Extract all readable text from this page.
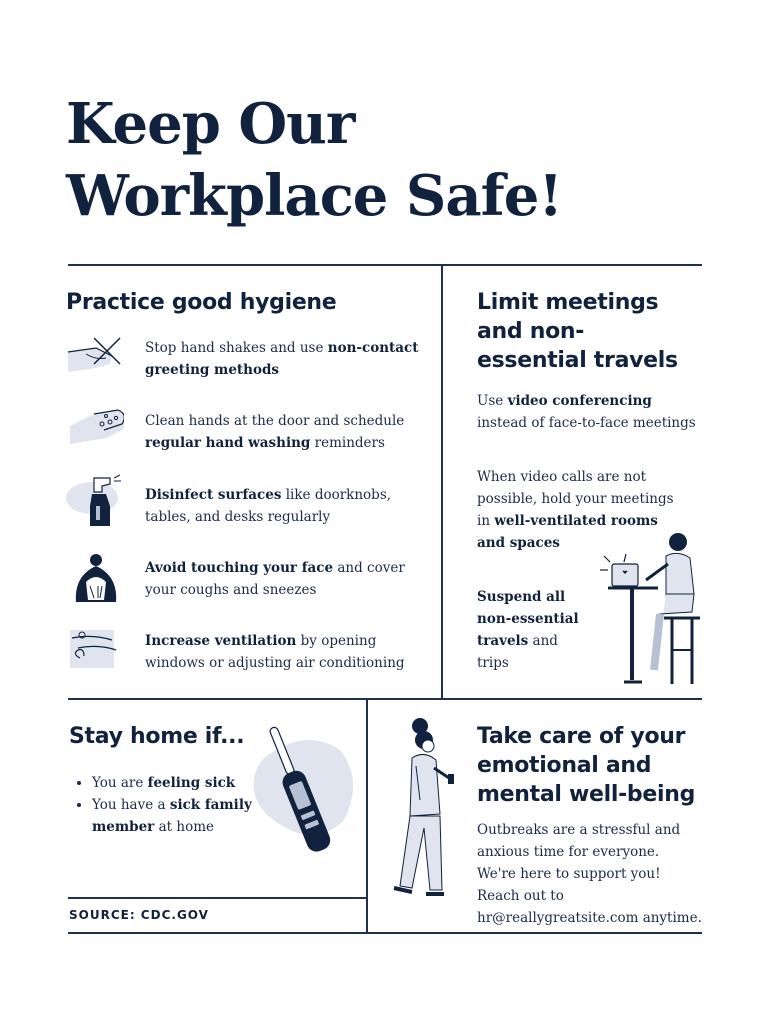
Keep Our
Workplace Safe!
Practice good hygiene
Stop hand shakes and use non-contact greeting methods
Clean hands at the door and schedule regular hand washing reminders
Disinfect surfaces like doorknobs, tables, and desks regularly
Avoid touching your face and cover your coughs and sneezes
Increase ventilation by opening windows or adjusting air conditioning
Limit meetings and non-essential travels
Use video conferencing instead of face-to-face meetings
When video calls are not possible, hold your meetings in well-ventilated rooms and spaces
Suspend all non-essential travels and trips
Stay home if...
• You are feeling sick
• You have a sick family member at home
SOURCE: CDC.GOV
Take care of your emotional and mental well-being
Outbreaks are a stressful and anxious time for everyone. We're here to support you! Reach out to hr@reallygreatsite.com anytime.
